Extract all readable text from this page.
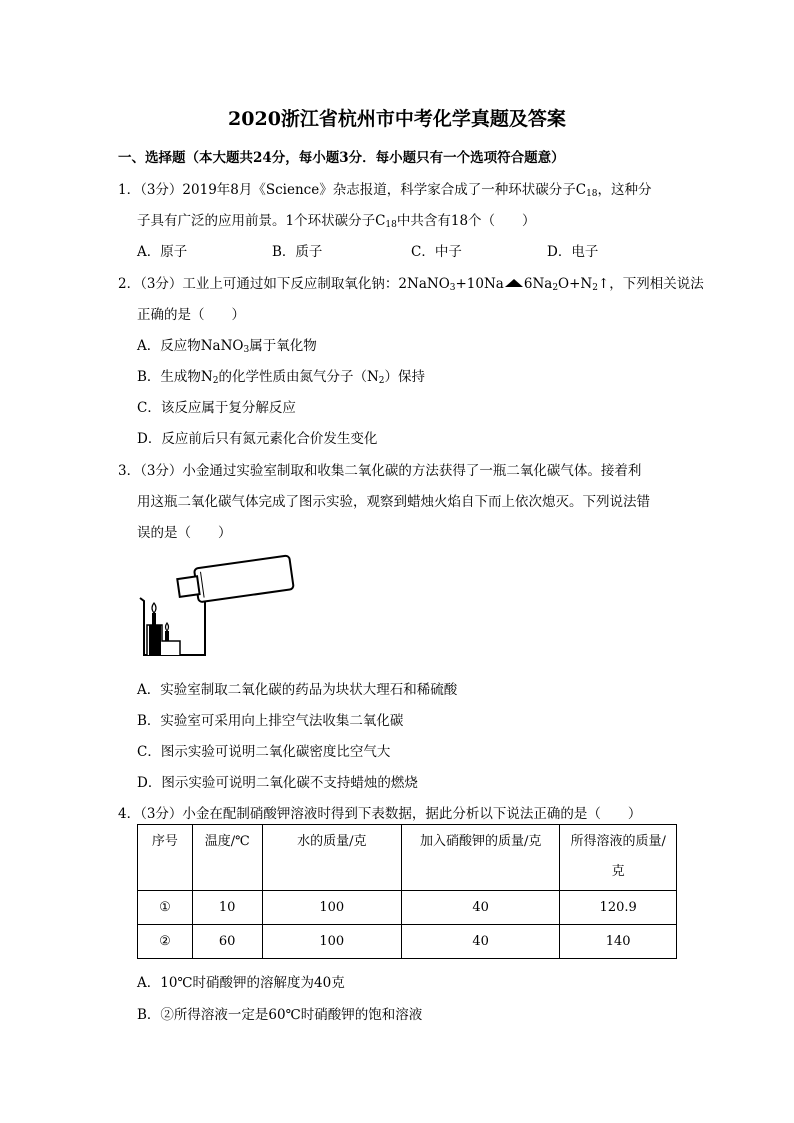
2020浙江省杭州市中考化学真题及答案
一、选择题（本大题共24分，每小题3分．每小题只有一个选项符合题意）
1．（3分）2019年8月《Science》杂志报道，科学家合成了一种环状碳分子$C_{18}$，这种分
子具有广泛的应用前景。1个环状碳分子$C_{18}$中共含有18个（　　）
A．原子	B．质子	C．中子	D．电子
2．（3分）工业上可通过如下反应制取氧化钠：2NaNO$_3$+10Na $6Na_2O+N_2↑$，下列相关说法
正确的是（　　）
A．反应物NaNO$_3$属于氧化物
B．生成物$N_2$的化学性质由氮气分子$(N_2)$保持
C．该反应属于复分解反应
D．反应前后只有氮元素化合价发生变化
3．（3分）小金通过实验室制取和收集二氧化碳的方法获得了一瓶二氧化碳气体。接着利
用这瓶二氧化碳气体完成了图示实验，观察到蜡烛火焰自下而上依次熄灭。下列说法错
误的是（　　）
A．实验室制取二氧化碳的药品为块状大理石和稀硫酸
B．实验室可采用向上排空气法收集二氧化碳
C．图示实验可说明二氧化碳密度比空气大
D．图示实验可说明二氧化碳不支持蜡烛的燃烧
4．（3分）小金在配制硝酸钾溶液时得到下表数据，据此分析以下说法正确的是（　　）
序号	温度/℃	水的质量/克	加入硝酸钾的质量/克	所得溶液的质量/
克
①	10	100	40	120.9
②	60	100	40	140
A．10℃时硝酸钾的溶解度为40克
B．②所得溶液一定是60℃时硝酸钾的饱和溶液
